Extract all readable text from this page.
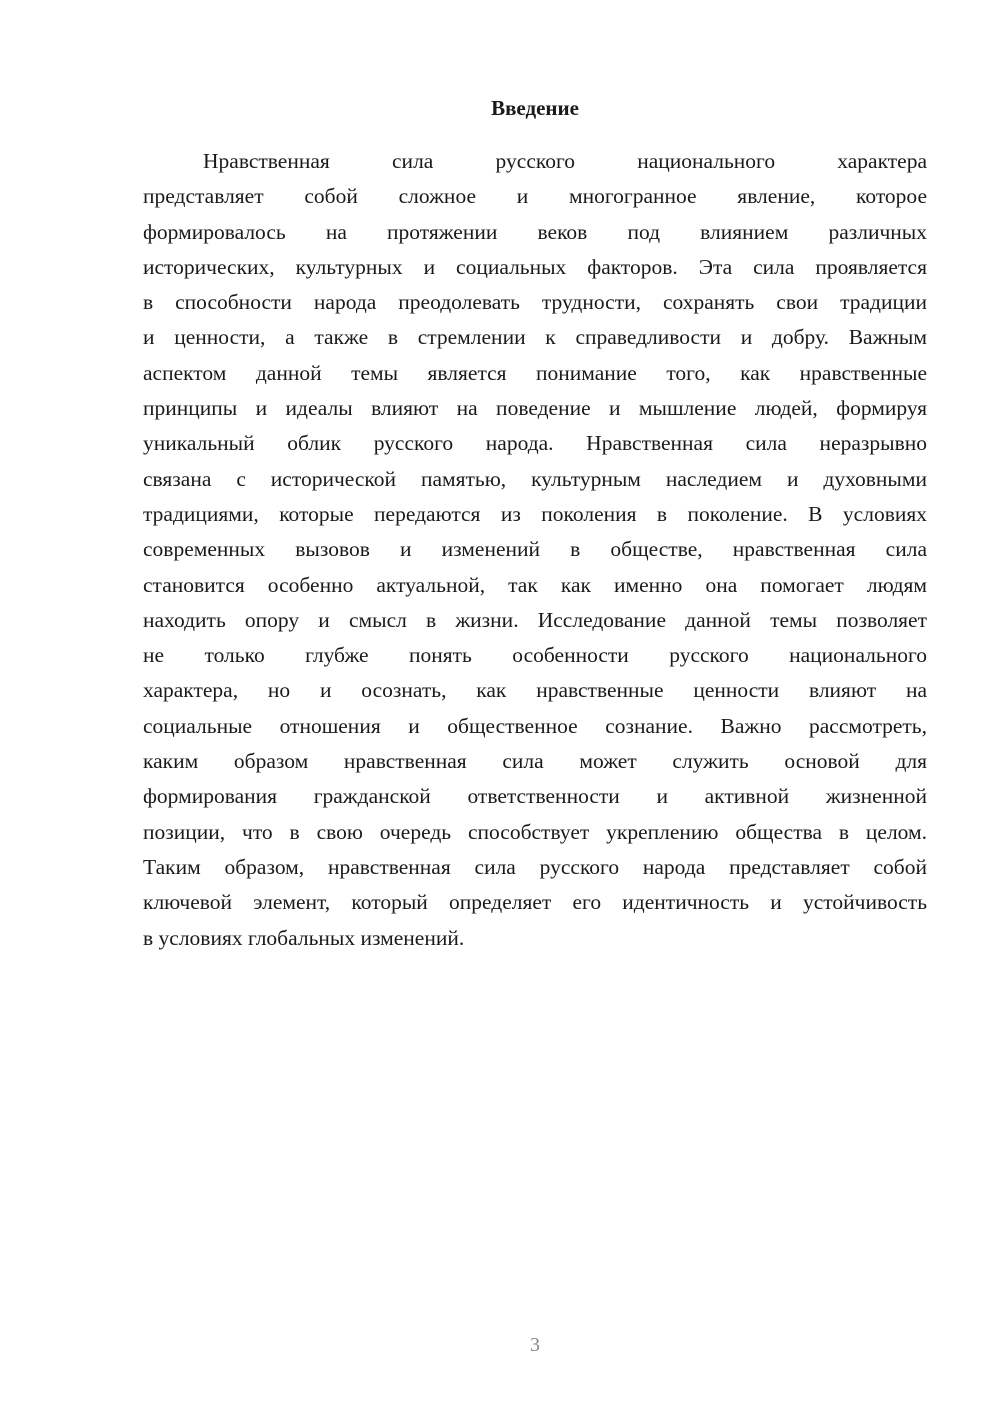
Введение
Нравственная сила русского национального характера
представляет собой сложное и многогранное явление, которое
формировалось на протяжении веков под влиянием различных
исторических, культурных и социальных факторов. Эта сила проявляется
в способности народа преодолевать трудности, сохранять свои традиции
и ценности, а также в стремлении к справедливости и добру. Важным
аспектом данной темы является понимание того, как нравственные
принципы и идеалы влияют на поведение и мышление людей, формируя
уникальный облик русского народа. Нравственная сила неразрывно
связана с исторической памятью, культурным наследием и духовными
традициями, которые передаются из поколения в поколение. В условиях
современных вызовов и изменений в обществе, нравственная сила
становится особенно актуальной, так как именно она помогает людям
находить опору и смысл в жизни. Исследование данной темы позволяет
не только глубже понять особенности русского национального
характера, но и осознать, как нравственные ценности влияют на
социальные отношения и общественное сознание. Важно рассмотреть,
каким образом нравственная сила может служить основой для
формирования гражданской ответственности и активной жизненной
позиции, что в свою очередь способствует укреплению общества в целом.
Таким образом, нравственная сила русского народа представляет собой
ключевой элемент, который определяет его идентичность и устойчивость
в условиях глобальных изменений.
3
